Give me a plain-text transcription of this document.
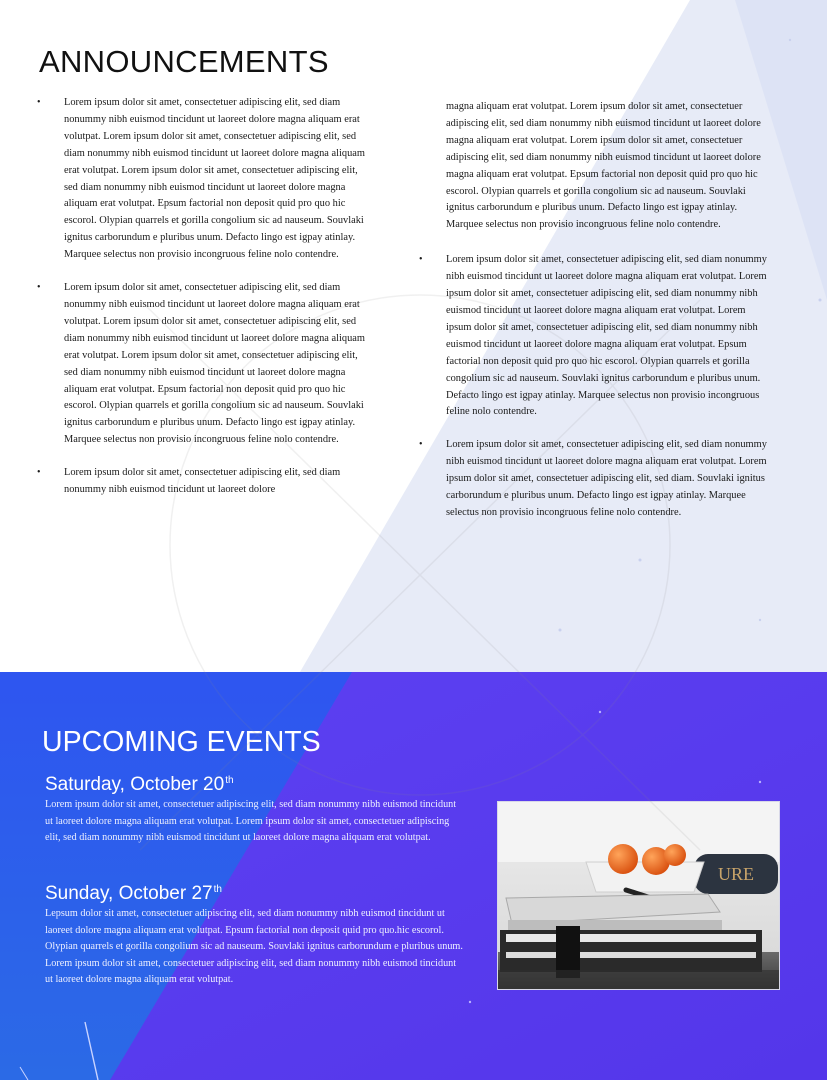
ANNOUNCEMENTS
• Lorem ipsum dolor sit amet, consectetuer adipiscing elit, sed diam nonummy nibh euismod tincidunt ut laoreet dolore magna aliquam erat volutpat. Lorem ipsum dolor sit amet, consectetuer adipiscing elit, sed diam nonummy nibh euismod tincidunt ut laoreet dolore magna aliquam erat volutpat. Lorem ipsum dolor sit amet, consectetuer adipiscing elit, sed diam nonummy nibh euismod tincidunt ut laoreet dolore magna aliquam erat volutpat. Epsum factorial non deposit quid pro quo hic escorol. Olypian quarrels et gorilla congolium sic ad nauseum. Souvlaki ignitus carborundum e pluribus unum. Defacto lingo est igpay atinlay. Marquee selectus non provisio incongruous feline nolo contendre.
• Lorem ipsum dolor sit amet, consectetuer adipiscing elit, sed diam nonummy nibh euismod tincidunt ut laoreet dolore magna aliquam erat volutpat. Lorem ipsum dolor sit amet, consectetuer adipiscing elit, sed diam nonummy nibh euismod tincidunt ut laoreet dolore magna aliquam erat volutpat. Lorem ipsum dolor sit amet, consectetuer adipiscing elit, sed diam nonummy nibh euismod tincidunt ut laoreet dolore magna aliquam erat volutpat. Epsum factorial non deposit quid pro quo hic escorol. Olypian quarrels et gorilla congolium sic ad nauseum. Souvlaki ignitus carborundum e pluribus unum. Defacto lingo est igpay atinlay. Marquee selectus non provisio incongruous feline nolo contendre.
• Lorem ipsum dolor sit amet, consectetuer adipiscing elit, sed diam nonummy nibh euismod tincidunt ut laoreet dolore
magna aliquam erat volutpat. Lorem ipsum dolor sit amet, consectetuer adipiscing elit, sed diam nonummy nibh euismod tincidunt ut laoreet dolore magna aliquam erat volutpat. Lorem ipsum dolor sit amet, consectetuer adipiscing elit, sed diam nonummy nibh euismod tincidunt ut laoreet dolore magna aliquam erat volutpat. Epsum factorial non deposit quid pro quo hic escorol. Olypian quarrels et gorilla congolium sic ad nauseum. Souvlaki ignitus carborundum e pluribus unum. Defacto lingo est igpay atinlay. Marquee selectus non provisio incongruous feline nolo contendre.
• Lorem ipsum dolor sit amet, consectetuer adipiscing elit, sed diam nonummy nibh euismod tincidunt ut laoreet dolore magna aliquam erat volutpat. Lorem ipsum dolor sit amet, consectetuer adipiscing elit, sed diam nonummy nibh euismod tincidunt ut laoreet dolore magna aliquam erat volutpat. Lorem ipsum dolor sit amet, consectetuer adipiscing elit, sed diam nonummy nibh euismod tincidunt ut laoreet dolore magna aliquam erat volutpat. Epsum factorial non deposit quid pro quo hic escorol. Olypian quarrels et gorilla congolium sic ad nauseum. Souvlaki ignitus carborundum e pluribus unum. Defacto lingo est igpay atinlay. Marquee selectus non provisio incongruous feline nolo contendre.
• Lorem ipsum dolor sit amet, consectetuer adipiscing elit, sed diam nonummy nibh euismod tincidunt ut laoreet dolore magna aliquam erat volutpat. Lorem ipsum dolor sit amet, consectetuer adipiscing elit, sed diam. Souvlaki ignitus carborundum e pluribus unum. Defacto lingo est igpay atinlay. Marquee selectus non provisio incongruous feline nolo contendre.
UPCOMING EVENTS
Saturday, October 20th

Lorem ipsum dolor sit amet, consectetuer adipiscing elit, sed diam nonummy nibh euismod tincidunt ut laoreet dolore magna aliquam erat volutpat. Lorem ipsum dolor sit amet, consectetuer adipiscing elit, sed diam nonummy nibh euismod tincidunt ut laoreet dolore magna aliquam erat volutpat.

Sunday, October 27th

Lepsum dolor sit amet, consectetuer adipiscing elit, sed diam nonummy nibh euismod tincidunt ut laoreet dolore magna aliquam erat volutpat. Epsum factorial non deposit quid pro quo.hic escorol. Olypian quarrels et gorilla congolium sic ad nauseum. Souvlaki ignitus carborundum e pluribus unum. Lorem ipsum dolor sit amet, consectetuer adipiscing elit, sed diam nonummy nibh euismod tincidunt ut laoreet dolore magna aliquam erat volutpat.

URE
